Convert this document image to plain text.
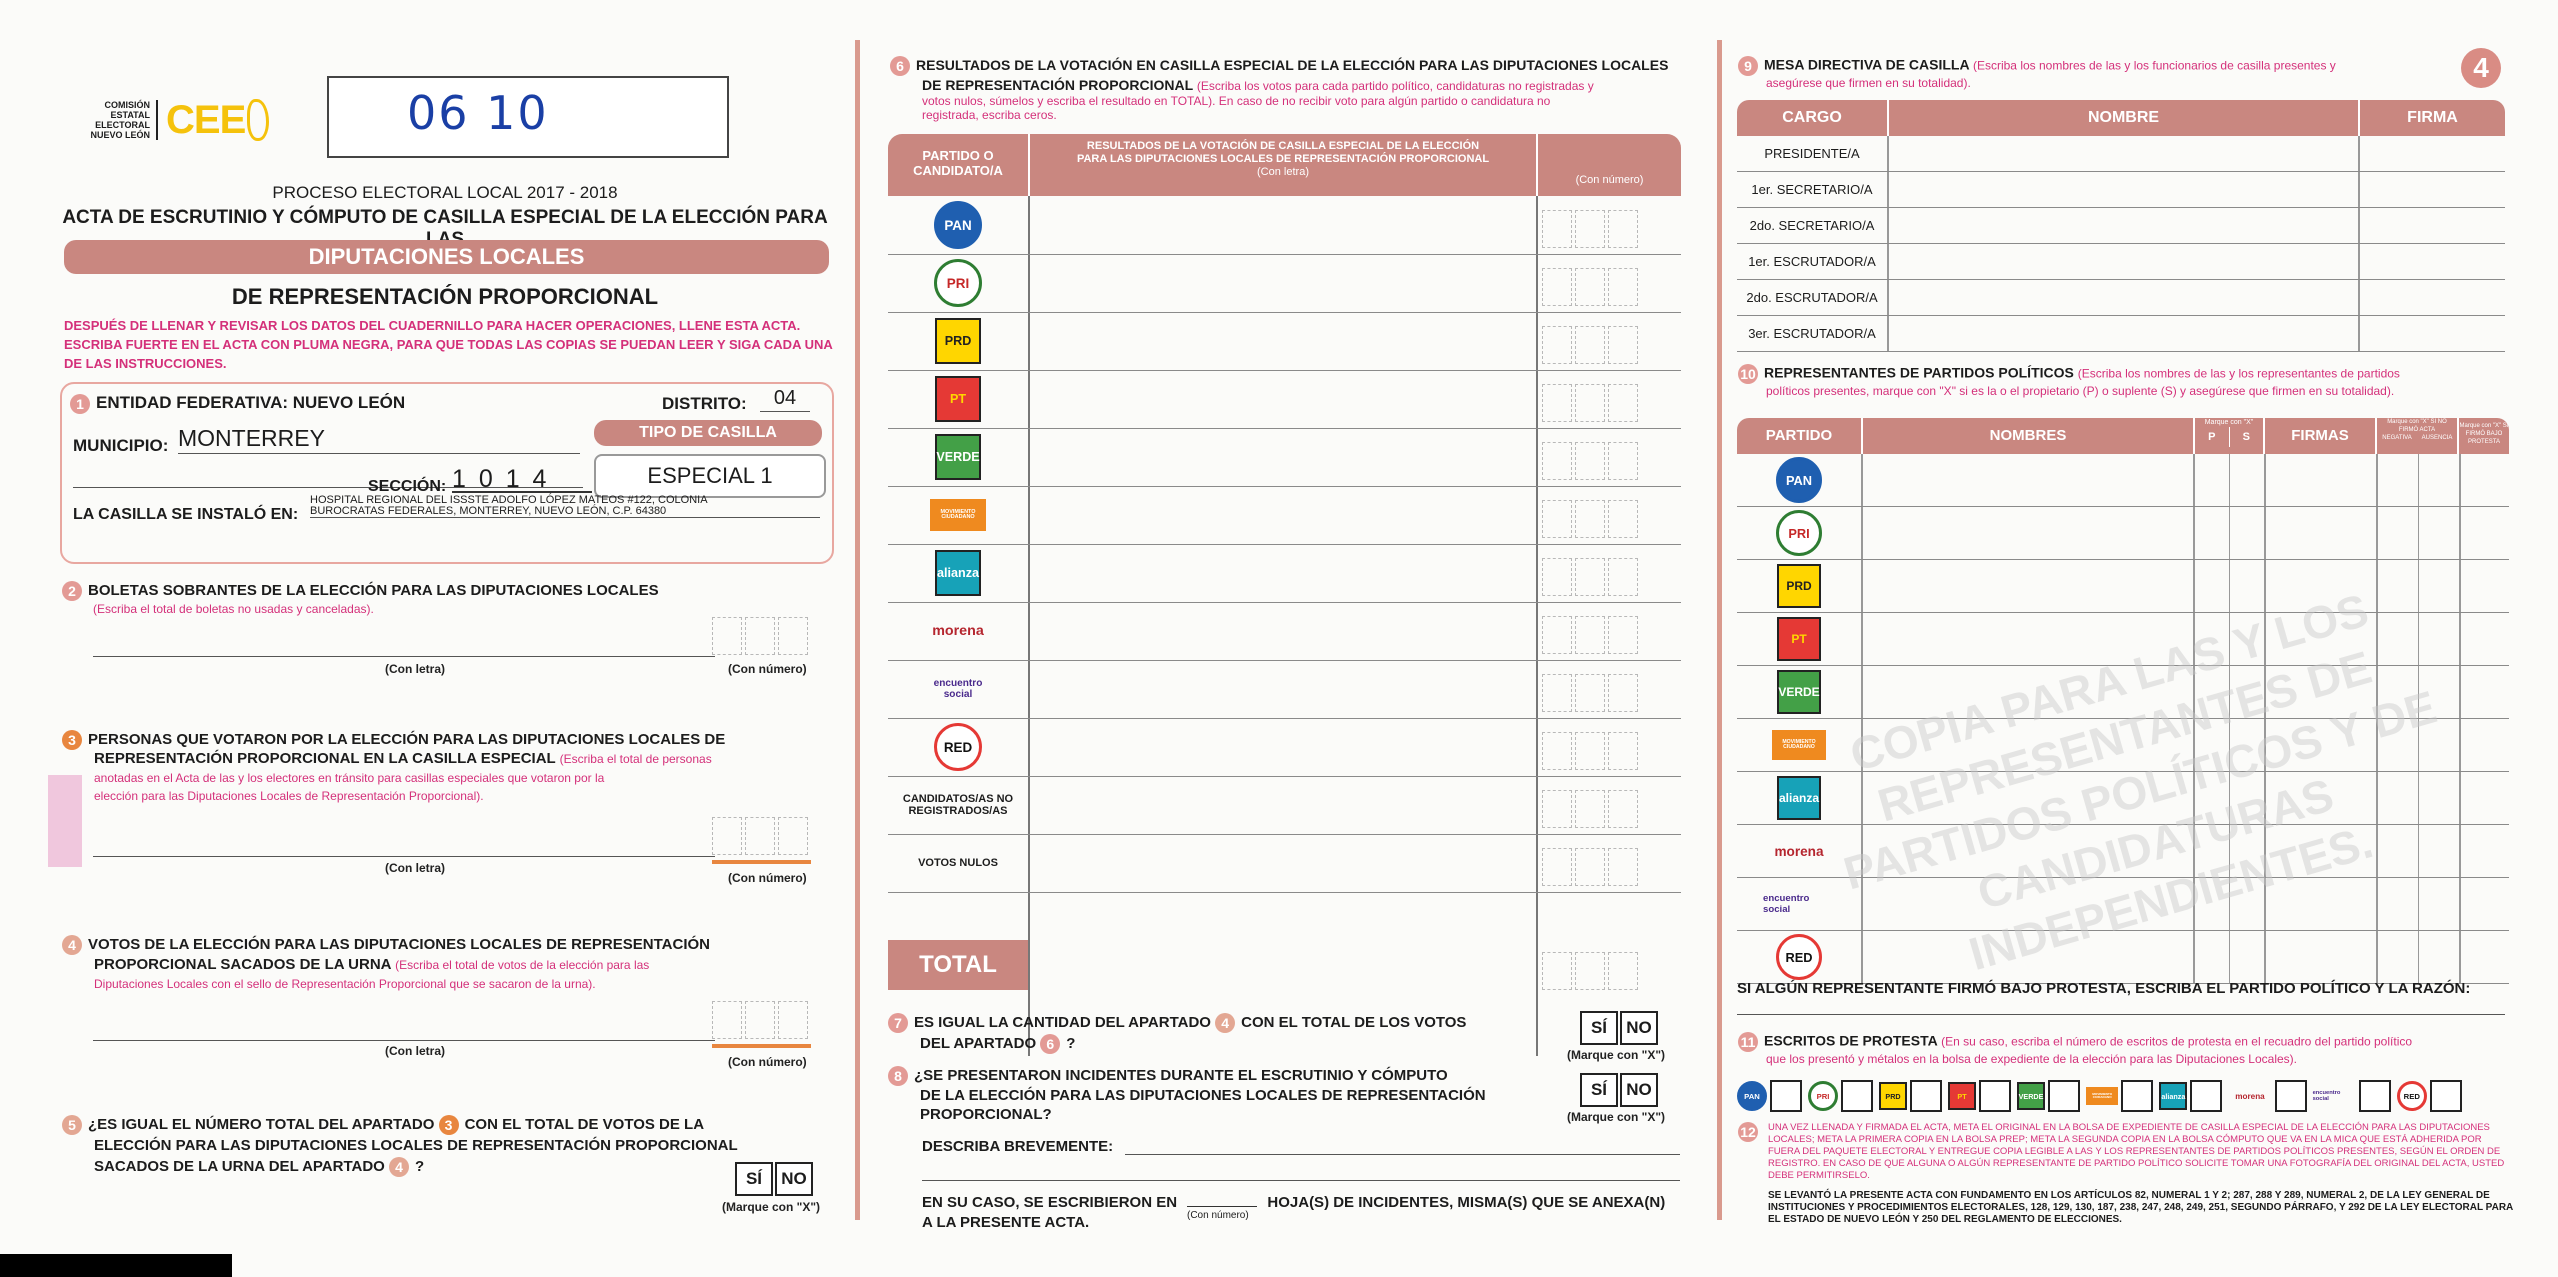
COMISIÓN
ESTATAL
ELECTORAL
NUEVO LEÓN CEE	06 10
PROCESO ELECTORAL LOCAL 2017 - 2018
ACTA DE ESCRUTINIO Y CÓMPUTO DE CASILLA ESPECIAL DE LA ELECCIÓN PARA
DIPUTACIONES LOCALES
DE REPRESENTACIÓN PROPORCIONAL
DESPUÉS DE LLENAR Y REVISAR LOS DATOS DEL CUADERNILLO PARA HACER OPERACIONES, LLENE ESTA ACTA. ESCRIBA FUERTE EN EL ACTA CON PLUMA NEGRA, PARA QUE TODAS LAS COPIAS SE PUEDAN LEER Y SIGA CADA UNA DE LAS INSTRUCCIONES.
1 ENTIDAD FEDERATIVA: NUEVO LEÓN	DISTRITO:	04
TIPO DE CASILLA
MUNICIPIO: MONTERREY
SECCIÓN: 1 0 1 4	ESPECIAL 1
LA CASILLA SE INSTALÓ EN:
HOSPITAL REGIONAL DEL ISSSTE ADOLFO LÓPEZ MATEOS #122, COLONIA
BUROCRATAS FEDERALES, MONTERREY, NUEVO LEÓN, C.P. 64380
2 BOLETAS SOBRANTES DE LA ELECCIÓN PARA LAS DIPUTACIONES LOCALES
(Escriba el total de boletas no usadas y canceladas).
(Con letra)	(Con número)
3 PERSONAS QUE VOTARON POR LA ELECCIÓN PARA LAS DIPUTACIONES LOCALES DE
REPRESENTACIÓN PROPORCIONAL EN LA CASILLA ESPECIAL (Escriba el total de personas
anotadas en el Acta de las y los electores en tránsito para casillas especiales que votaron por la
elección para las Diputaciones Locales de Representación Proporcional).
(Con letra)
(Con número)
4 VOTOS DE LA ELECCIÓN PARA LAS DIPUTACIONES LOCALES DE REPRESENTACIÓN
PROPORCIONAL SACADOS DE LA URNA (Escriba el total de votos de la elección para las
Diputaciones Locales con el sello de Representación Proporcional que se sacaron de la urna).
(Con letra)
(Con número)
5 ¿ES IGUAL EL NÚMERO TOTAL DEL APARTADO 3 CON EL TOTAL DE VOTOS DE LA
ELECCIÓN PARA LAS DIPUTACIONES LOCALES DE REPRESENTACIÓN PROPORCIONAL
SACADOS DE LA URNA DEL APARTADO 4 ?
SÍ NO
(Marque con "X")
6 RESULTADOS DE LA VOTACIÓN EN CASILLA ESPECIAL DE LA ELECCIÓN PARA LAS DIPUTACIONES LOCALES
DE REPRESENTACIÓN PROPORCIONAL (Escriba los votos para cada partido político, candidaturas no registradas y
votos nulos, súmelos y escriba el resultado en TOTAL). En caso de no recibir voto para algún partido o candidatura no
registrada, escriba ceros.
PARTIDO O CANDIDATO/A
RESULTADOS DE LA VOTACIÓN DE CASILLA ESPECIAL DE LA ELECCIÓN
PARA LAS DIPUTACIONES LOCALES DE REPRESENTACIÓN PROPORCIONAL
(Con letra)
(Con número)
PAN
PRI
PRD
PT
VERDE
MOVIMIENTO CIUDADANO
alianza
morena
encuentro social
RED
CANDIDATOS/AS NO REGISTRADOS/AS
VOTOS NULOS
TOTAL
7 ES IGUAL LA CANTIDAD DEL APARTADO 4 CON EL TOTAL DE LOS VOTOS
DEL APARTADO 6 ?
SÍ NO
(Marque con "X")
8 ¿SE PRESENTARON INCIDENTES DURANTE EL ESCRUTINIO Y CÓMPUTO
DE LA ELECCIÓN PARA LAS DIPUTACIONES LOCALES DE REPRESENTACIÓN
PROPORCIONAL?
SÍ NO
(Marque con "X")
DESCRIBA BREVEMENTE:
EN SU CASO, SE ESCRIBIERON EN	HOJA(S) DE INCIDENTES, MISMA(S) QUE SE ANEXA(N)
A LA PRESENTE ACTA.	(Con número)
4
9 MESA DIRECTIVA DE CASILLA (Escriba los nombres de las y los funcionarios de casilla presentes y
asegúrese que firmen en su totalidad).
CARGO	NOMBRE	FIRMA
PRESIDENTE/A
1er. SECRETARIO/A
2do. SECRETARIO/A
1er. ESCRUTADOR/A
2do. ESCRUTADOR/A
3er. ESCRUTADOR/A
10 REPRESENTANTES DE PARTIDOS POLÍTICOS (Escriba los nombres de las y los representantes de partidos
políticos presentes, marque con "X" si es la o el propietario (P) o suplente (S) y asegúrese que firmen en su totalidad).
PARTIDO	NOMBRES
Marque con "X"
P	S	FIRMAS
Marque con "X" SI NO FIRMÓ ACTA
NEGATIVA	AUSENCIA
Marque con "X" SI FIRMÓ BAJO PROTESTA
PAN
PRI
PRD
PT
VERDE
MOVIMIENTO CIUDADANO
alianza
morena
encuentro social
RED
COPIA PARA LAS Y LOS REPRESENTANTES DE PARTIDOS POLÍTICOS Y DE CANDIDATURAS INDEPENDIENTES.
SI ALGÚN REPRESENTANTE FIRMÓ BAJO PROTESTA, ESCRIBA EL PARTIDO POLÍTICO Y LA RAZÓN:
11 ESCRITOS DE PROTESTA (En su caso, escriba el número de escritos de protesta en el recuadro del partido político
que los presentó y métalos en la bolsa de expediente de la elección para las Diputaciones Locales).
PAN	PRI	PRD	PT	VERDE	MOVIMIENTO CIUDADANO	alianza	morena	encuentro social	RED
12	UNA VEZ LLENADA Y FIRMADA EL ACTA, META EL ORIGINAL EN LA BOLSA DE EXPEDIENTE DE CASILLA ESPECIAL DE LA ELECCIÓN PARA LAS DIPUTACIONES LOCALES; META LA PRIMERA COPIA EN LA BOLSA PREP; META LA SEGUNDA COPIA EN LA BOLSA CÓMPUTO QUE VA EN LA MICA QUE ESTÁ ADHERIDA POR FUERA DEL PAQUETE ELECTORAL Y ENTREGUE COPIA LEGIBLE A LAS Y LOS REPRESENTANTES DE PARTIDOS POLÍTICOS PRESENTES, SEGÚN EL ORDEN DE REGISTRO. EN CASO DE QUE ALGUNA O ALGÚN REPRESENTANTE DE PARTIDO POLÍTICO SOLICITE TOMAR UNA FOTOGRAFÍA DEL ORIGINAL DEL ACTA, USTED DEBE PERMITIRSELO.
SE LEVANTÓ LA PRESENTE ACTA CON FUNDAMENTO EN LOS ARTÍCULOS 82, NUMERAL 1 Y 2; 287, 288 Y 289, NUMERAL 2, DE LA LEY GENERAL DE INSTITUCIONES Y PROCEDIMIENTOS ELECTORALES, 128, 129, 130, 187, 238, 247, 248, 249, 251, SEGUNDO PÁRRAFO, Y 292 DE LA LEY ELECTORAL PARA EL ESTADO DE NUEVO LEÓN Y 250 DEL REGLAMENTO DE ELECCIONES.
